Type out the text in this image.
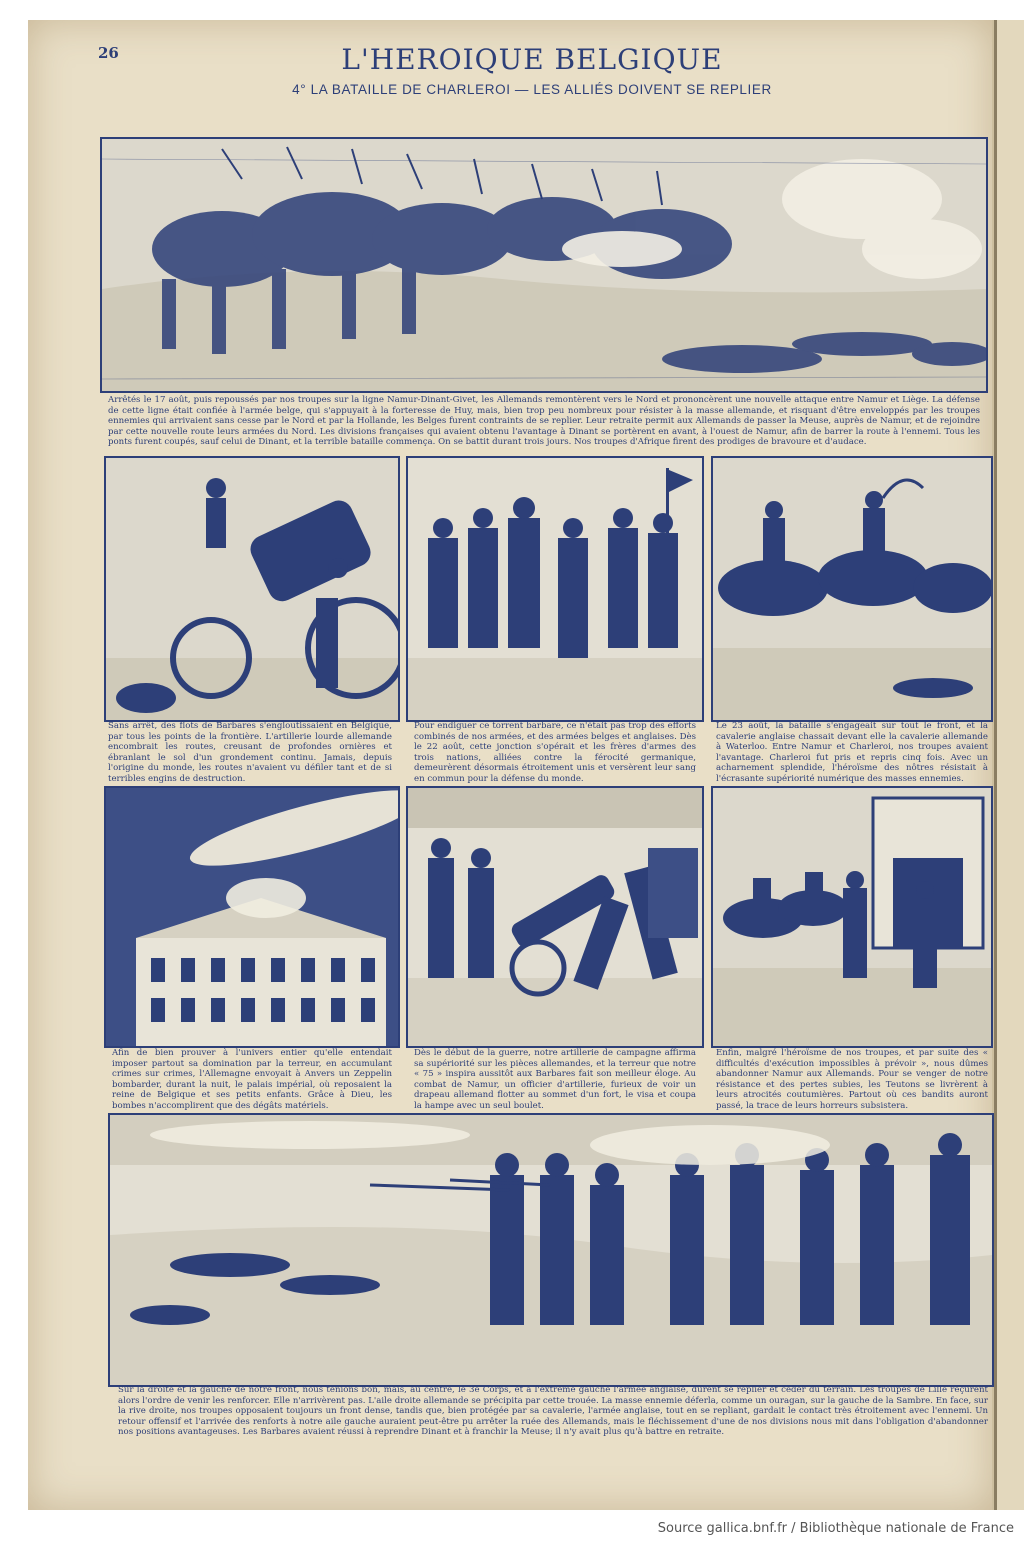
26	L'HEROIQUE BELGIQUE
4° LA BATAILLE DE CHARLEROI — LES ALLIÉS DOIVENT SE REPLIER
Arrêtés le 17 août, puis repoussés par nos troupes sur la ligne Namur-Dinant-Givet, les Allemands remontèrent vers le Nord et prononcèrent une nouvelle attaque entre Namur et Liège. La défense de cette ligne était confiée à l'armée belge, qui s'appuyait à la forteresse de Huy, mais, bien trop peu nombreux pour résister à la masse allemande, et risquant d'être enveloppés par les troupes ennemies qui arrivaient sans cesse par le Nord et par la Hollande, les Belges furent contraints de se replier. Leur retraite permit aux Allemands de passer la Meuse, auprès de Namur, et de rejoindre par cette nouvelle route leurs armées du Nord. Les divisions françaises qui avaient obtenu l'avantage à Dinant se portèrent en avant, à l'ouest de Namur, afin de barrer la route à l'ennemi. Tous les ponts furent coupés, sauf celui de Dinant, et la terrible bataille commença. On se battit durant trois jours. Nos troupes d'Afrique firent des prodiges de bravoure et d'audace.
Sans arrêt, des flots de Barbares s'engloutissaient en Belgique, par tous les points de la frontière. L'artillerie lourde allemande encombrait les routes, creusant de profondes ornières et ébranlant le sol d'un grondement continu. Jamais, depuis l'origine du monde, les routes n'avaient vu défiler tant et de si terribles engins de destruction.
Pour endiguer ce torrent barbare, ce n'était pas trop des efforts combinés de nos armées, et des armées belges et anglaises. Dès le 22 août, cette jonction s'opérait et les frères d'armes des trois nations, alliées contre la férocité germanique, demeurèrent désormais étroitement unis et versèrent leur sang en commun pour la défense du monde.
Le 23 août, la bataille s'engageait sur tout le front, et la cavalerie anglaise chassait devant elle la cavalerie allemande à Waterloo. Entre Namur et Charleroi, nos troupes avaient l'avantage. Charleroi fut pris et repris cinq fois. Avec un acharnement splendide, l'héroïsme des nôtres résistait à l'écrasante supériorité numérique des masses ennemies.
Afin de bien prouver à l'univers entier qu'elle entendait imposer partout sa domination par la terreur, en accumulant crimes sur crimes, l'Allemagne envoyait à Anvers un Zeppelin bombarder, durant la nuit, le palais impérial, où reposaient la reine de Belgique et ses petits enfants. Grâce à Dieu, les bombes n'accomplirent que des dégâts matériels.
Dès le début de la guerre, notre artillerie de campagne affirma sa supériorité sur les pièces allemandes, et la terreur que notre « 75 » inspira aussitôt aux Barbares fait son meilleur éloge. Au combat de Namur, un officier d'artillerie, furieux de voir un drapeau allemand flotter au sommet d'un fort, le visa et coupa la hampe avec un seul boulet.
Enfin, malgré l'héroïsme de nos troupes, et par suite des « difficultés d'exécution impossibles à prévoir », nous dûmes abandonner Namur aux Allemands. Pour se venger de notre résistance et des pertes subies, les Teutons se livrèrent à leurs atrocités coutumières. Partout où ces bandits auront passé, la trace de leurs horreurs subsistera.
Sur la droite et la gauche de notre front, nous tenions bon, mais, au centre, le 3e Corps, et à l'extrême gauche l'armée anglaise, durent se replier et céder du terrain. Les troupes de Lille reçurent alors l'ordre de venir les renforcer. Elle n'arrivèrent pas. L'aile droite allemande se précipita par cette trouée. La masse ennemie déferla, comme un ouragan, sur la gauche de la Sambre. En face, sur la rive droite, nos troupes opposaient toujours un front dense, tandis que, bien protégée par sa cavalerie, l'armée anglaise, tout en se repliant, gardait le contact très étroitement avec l'ennemi. Un retour offensif et l'arrivée des renforts à notre aile gauche auraient peut-être pu arrêter la ruée des Allemands, mais le fléchissement d'une de nos divisions nous mit dans l'obligation d'abandonner nos positions avantageuses. Les Barbares avaient réussi à reprendre Dinant et à franchir la Meuse; il n'y avait plus qu'à battre en retraite.
Source gallica.bnf.fr / Bibliothèque nationale de France
